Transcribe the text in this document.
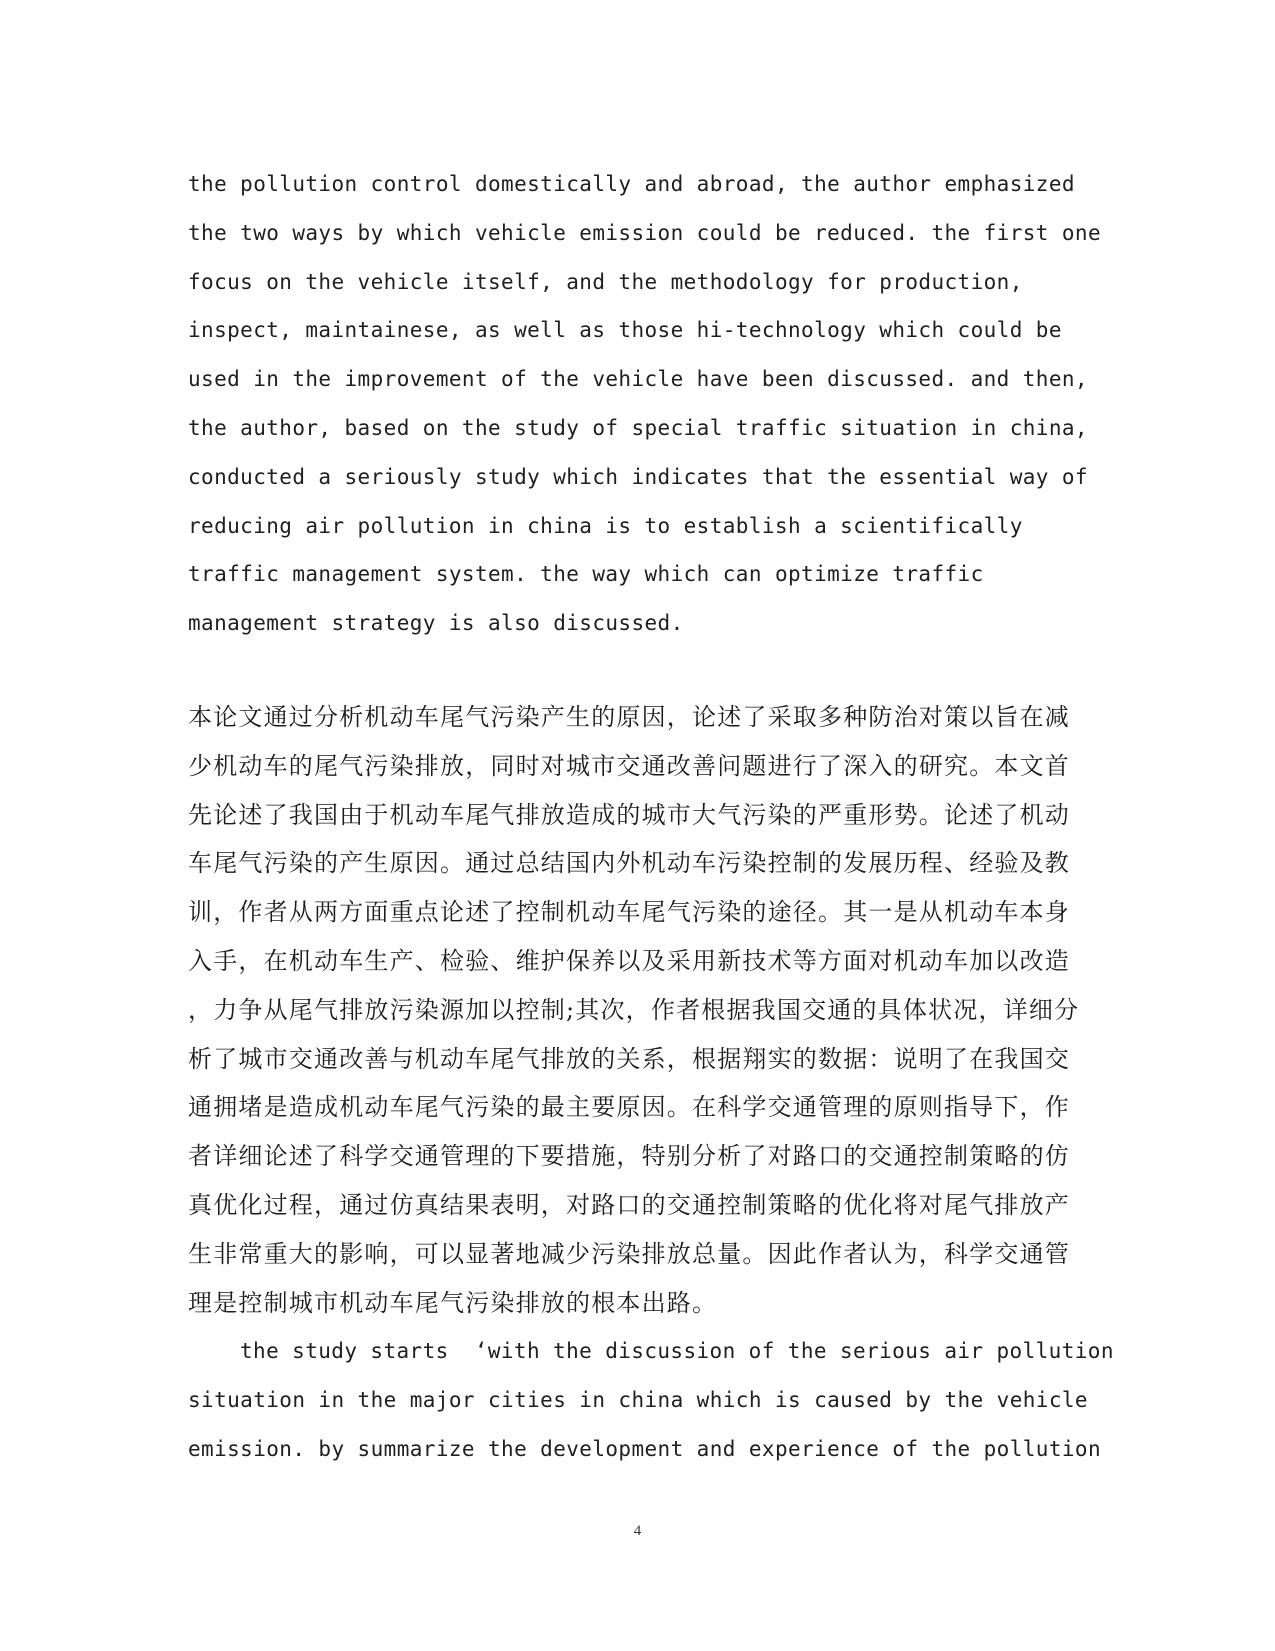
the pollution control domestically and abroad, the author emphasized
the two ways by which vehicle emission could be reduced. the first one
focus on the vehicle itself, and the methodology for production,
inspect, maintainese, as well as those hi-technology which could be
used in the improvement of the vehicle have been discussed. and then,
the author, based on the study of special traffic situation in china,
conducted a seriously study which indicates that the essential way of
reducing air pollution in china is to establish a scientifically
traffic management system. the way which can optimize traffic
management strategy is also discussed.
本论文通过分析机动车尾气污染产生的原因，论述了采取多种防治对策以旨在减
少机动车的尾气污染排放，同时对城市交通改善问题进行了深入的研究。本文首
先论述了我国由于机动车尾气排放造成的城市大气污染的严重形势。论述了机动
车尾气污染的产生原因。通过总结国内外机动车污染控制的发展历程、经验及教
训，作者从两方面重点论述了控制机动车尾气污染的途径。其一是从机动车本身
入手，在机动车生产、检验、维护保养以及采用新技术等方面对机动车加以改造
，力争从尾气排放污染源加以控制;其次，作者根据我国交通的具体状况，详细分
析了城市交通改善与机动车尾气排放的关系，根据翔实的数据：说明了在我国交
通拥堵是造成机动车尾气污染的最主要原因。在科学交通管理的原则指导下，作
者详细论述了科学交通管理的下要措施，特别分析了对路口的交通控制策略的仿
真优化过程，通过仿真结果表明，对路口的交通控制策略的优化将对尾气排放产
生非常重大的影响，可以显著地减少污染排放总量。因此作者认为，科学交通管
理是控制城市机动车尾气污染排放的根本出路。
the study starts  ‘with the discussion of the serious air pollution
situation in the major cities in china which is caused by the vehicle
emission. by summarize the development and experience of the pollution
4
